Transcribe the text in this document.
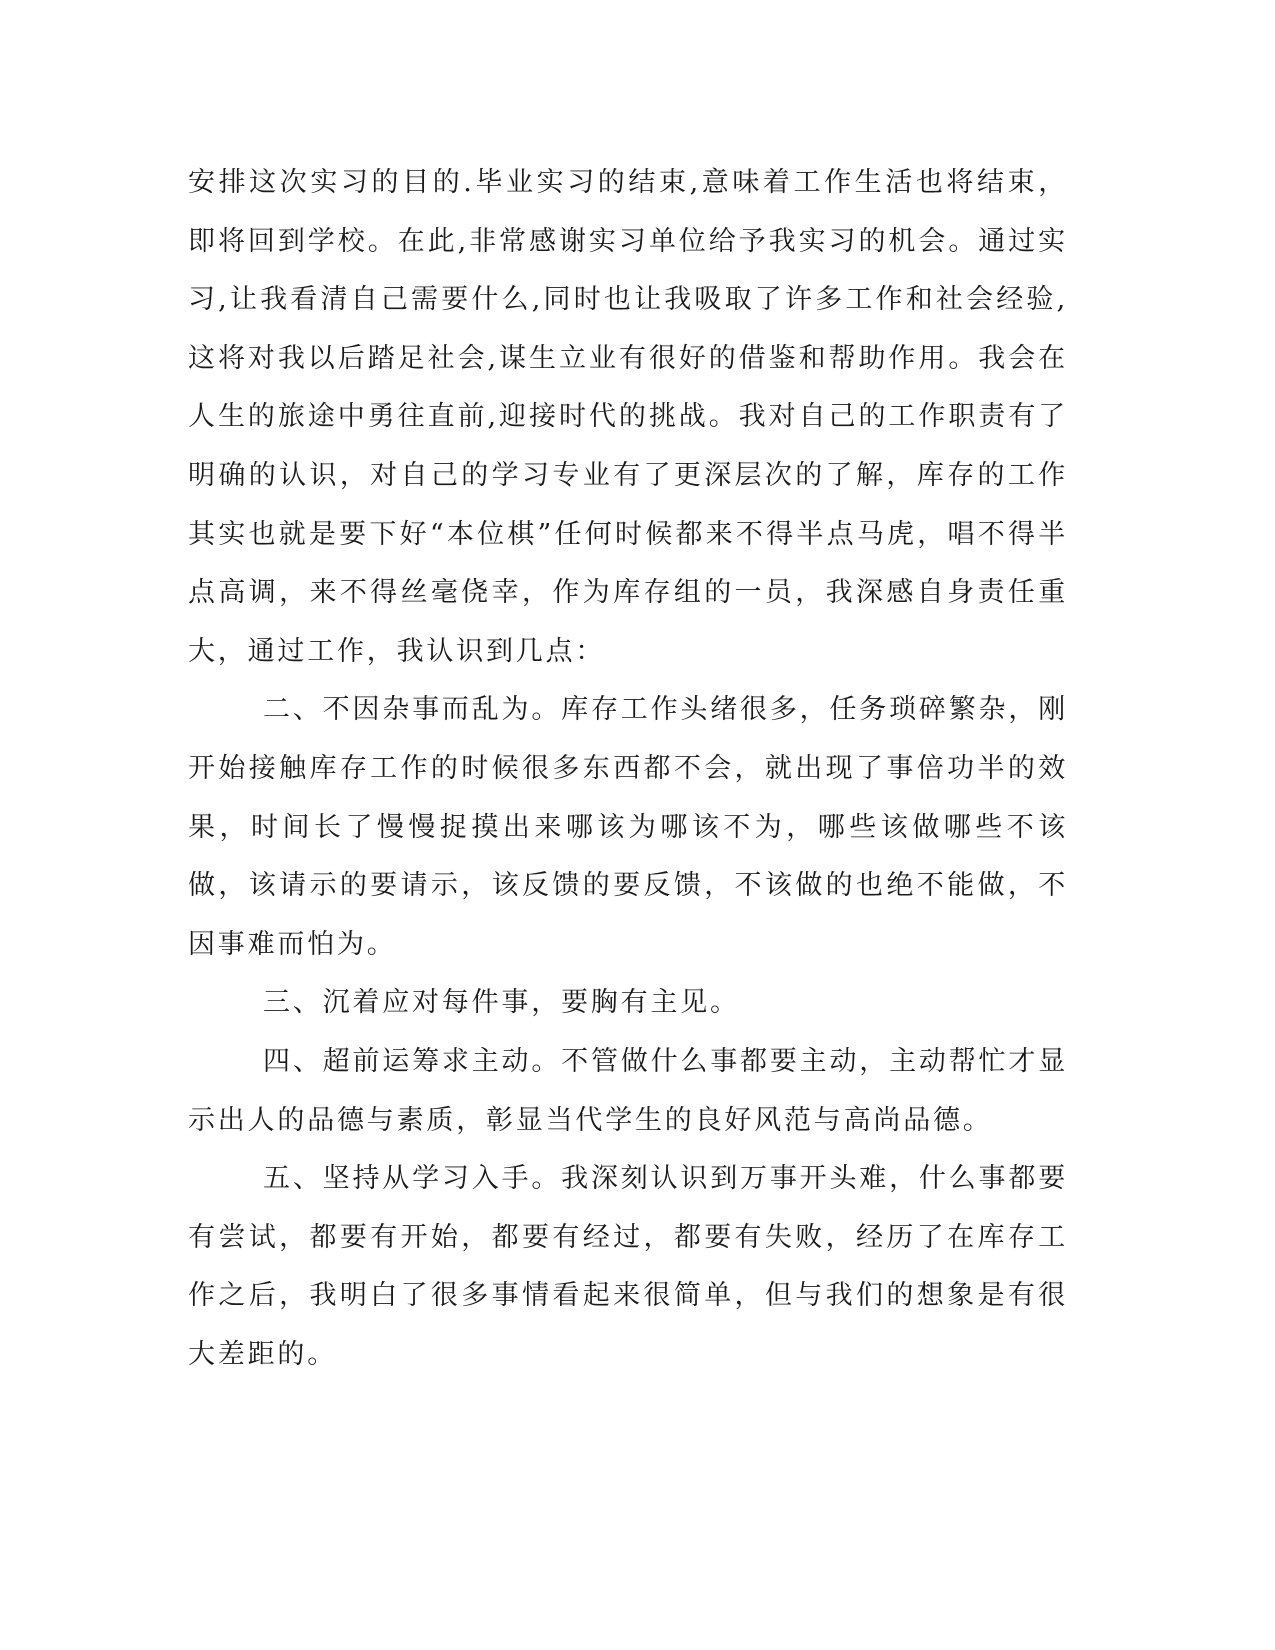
安排这次实习的目的.毕业实习的结束,意味着工作生活也将结束，即将回到学校。在此,非常感谢实习单位给予我实习的机会。通过实习,让我看清自己需要什么,同时也让我吸取了许多工作和社会经验,这将对我以后踏足社会,谋生立业有很好的借鉴和帮助作用。我会在人生的旅途中勇往直前,迎接时代的挑战。我对自己的工作职责有了明确的认识，对自己的学习专业有了更深层次的了解，库存的工作其实也就是要下好“本位棋”任何时候都来不得半点马虎，唱不得半点高调，来不得丝毫侥幸，作为库存组的一员，我深感自身责任重大，通过工作，我认识到几点：

二、不因杂事而乱为。库存工作头绪很多，任务琐碎繁杂，刚开始接触库存工作的时候很多东西都不会，就出现了事倍功半的效果，时间长了慢慢捉摸出来哪该为哪该不为，哪些该做哪些不该做，该请示的要请示，该反馈的要反馈，不该做的也绝不能做，不因事难而怕为。

三、沉着应对每件事，要胸有主见。

四、超前运筹求主动。不管做什么事都要主动，主动帮忙才显示出人的品德与素质，彰显当代学生的良好风范与高尚品德。

五、坚持从学习入手。我深刻认识到万事开头难，什么事都要有尝试，都要有开始，都要有经过，都要有失败，经历了在库存工作之后，我明白了很多事情看起来很简单，但与我们的想象是有很大差距的。
